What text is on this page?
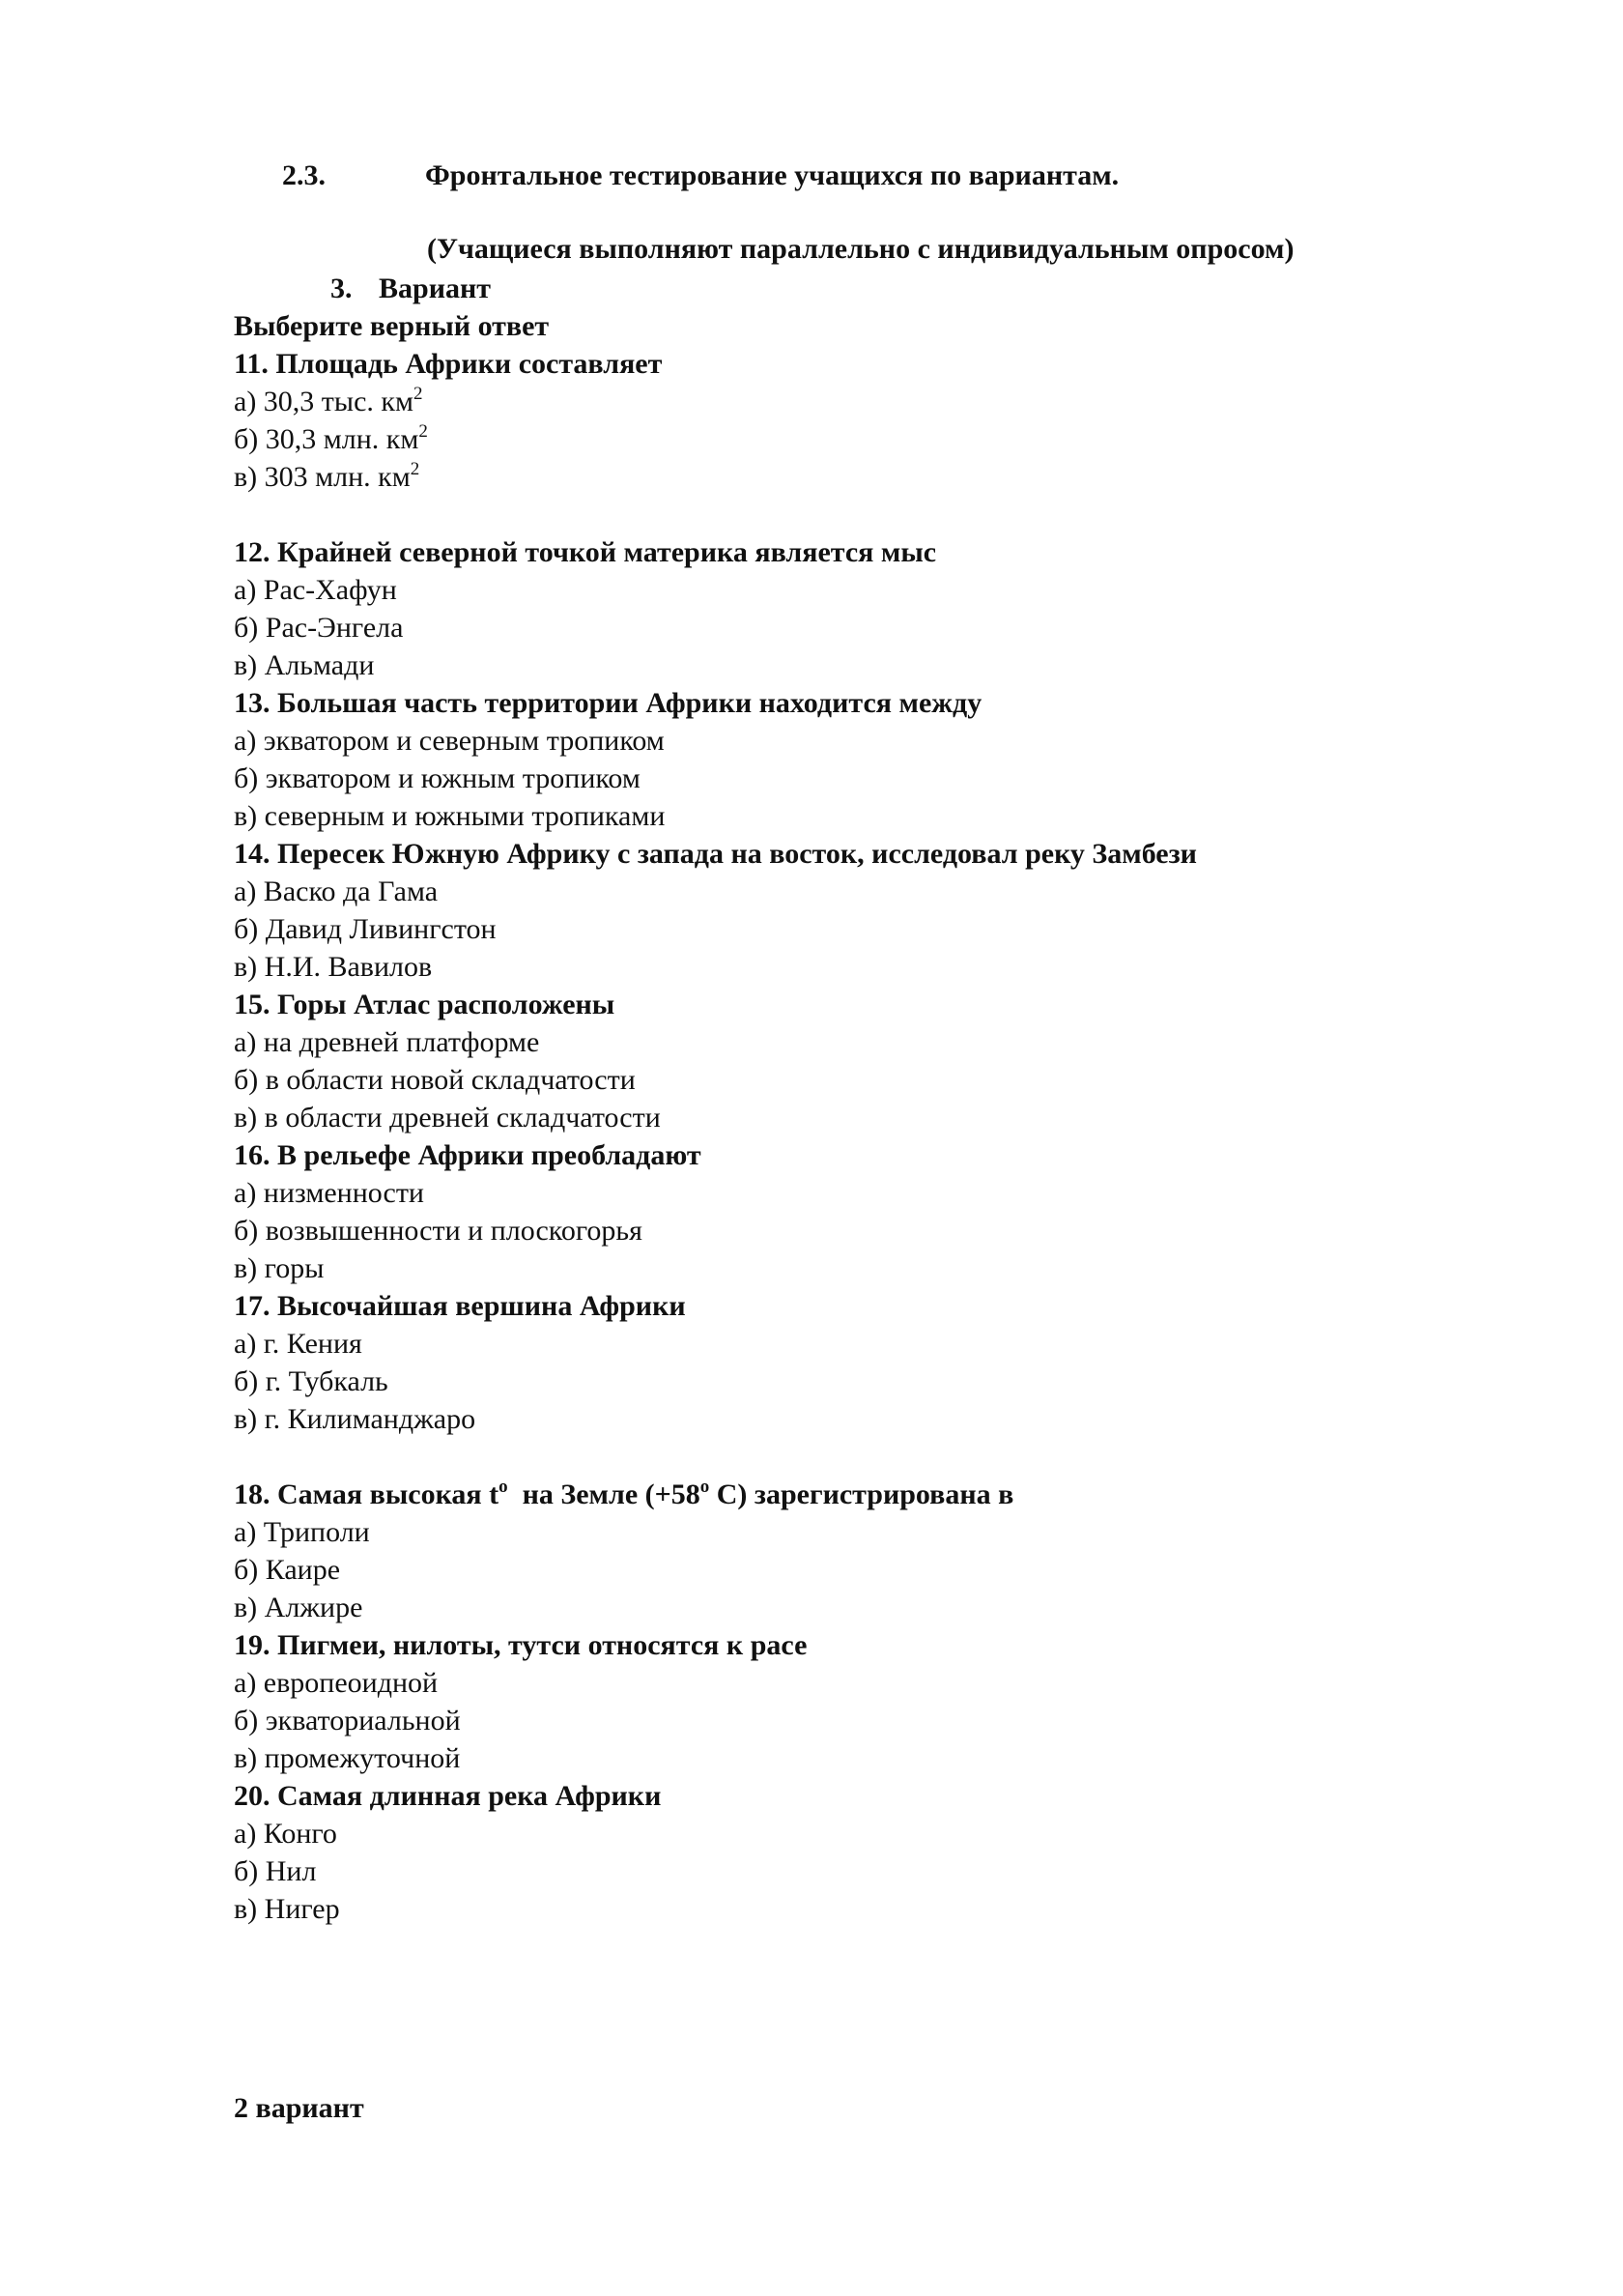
2.3.	Фронтальное тестирование учащихся по вариантам.
(Учащиеся выполняют параллельно с индивидуальным опросом)
3. Вариант
Выберите верный ответ
11. Площадь Африки составляет
а) 30,3 тыс. $км^2$
б) 30,3 млн. $км^2$
в) 303 млн. $км^2$
12. Крайней северной точкой материка является мыс
а) Рас-Хафун
б) Рас-Энгела
в) Альмади
13. Большая часть территории Африки находится между
а) экватором и северным тропиком
б) экватором и южным тропиком
в) северным и южными тропиками
14. Пересек Южную Африку с запада на восток, исследовал реку Замбези
а) Васко да Гама
б) Давид Ливингстон
в) Н.И. Вавилов
15. Горы Атлас расположены
а) на древней платформе
б) в области новой складчатости
в) в области древней складчатости
16. В рельефе Африки преобладают
а) низменности
б) возвышенности и плоскогорья
в) горы
17. Высочайшая вершина Африки
а) г. Кения
б) г. Тубкаль
в) г. Килиманджаро
18. Самая высокая $t^o$  на Земле ($+58^o$ С) зарегистрирована в
а) Триполи
б) Каире
в) Алжире
19. Пигмеи, нилоты, тутси относятся к расе
а) европеоидной
б) экваториальной
в) промежуточной
20. Самая длинная река Африки
а) Конго
б) Нил
в) Нигер
2 вариант
